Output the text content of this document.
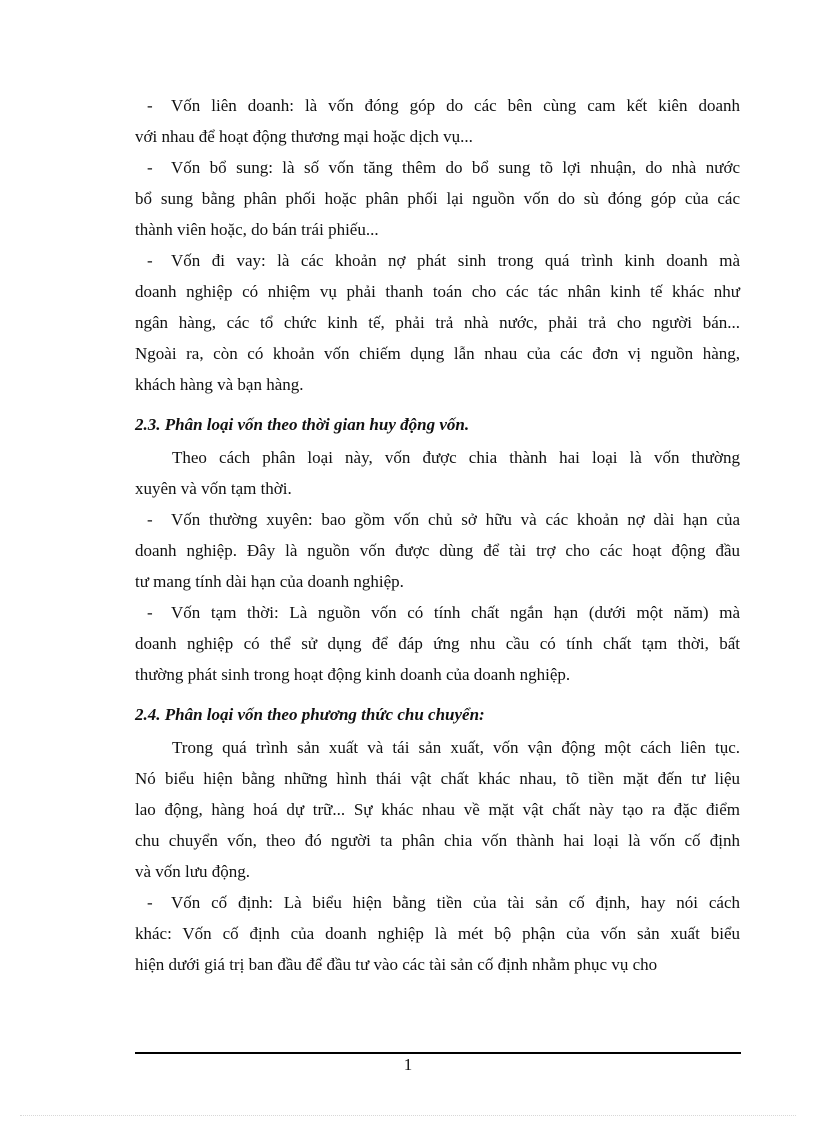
- Vốn liên doanh: là vốn đóng góp do các bên cùng cam kết kiên doanh
với nhau để hoạt động thương mại hoặc dịch vụ...
- Vốn bổ sung: là số vốn tăng thêm do bổ sung tõ lợi nhuận, do nhà nước
bổ sung bằng phân phối hoặc phân phối lại nguồn vốn do sù đóng góp của các
thành viên hoặc, do bán trái phiếu...
- Vốn đi vay: là các khoản nợ phát sinh trong quá trình kinh doanh mà
doanh nghiệp có nhiệm vụ phải thanh toán cho các tác nhân kinh tế khác như
ngân hàng, các tổ chức kinh tế, phải trả nhà nước, phải trả cho người bán...
Ngoài ra, còn có khoản vốn chiếm dụng lẫn nhau của các đơn vị nguồn hàng,
khách hàng và bạn hàng.
2.3. Phân loại vốn theo thời gian huy động vốn.
Theo cách phân loại này, vốn được chia thành hai loại là vốn thường
xuyên và vốn tạm thời.
- Vốn thường xuyên: bao gồm vốn chủ sở hữu và các khoản nợ dài hạn của
doanh nghiệp. Đây là nguồn vốn được dùng để tài trợ cho các hoạt động đầu
tư mang tính dài hạn của doanh nghiệp.
- Vốn tạm thời: Là nguồn vốn có tính chất ngắn hạn (dưới một năm) mà
doanh nghiệp có thể sử dụng để đáp ứng nhu cầu có tính chất tạm thời, bất
thường phát sinh trong hoạt động kinh doanh của doanh nghiệp.
2.4. Phân loại vốn theo phương thức chu chuyển:
Trong quá trình sản xuất và tái sản xuất, vốn vận động một cách liên tục.
Nó biểu hiện bằng những hình thái vật chất khác nhau, tõ tiền mặt đến tư liệu
lao động, hàng hoá dự trữ... Sự khác nhau về mặt vật chất này tạo ra đặc điểm
chu chuyển vốn, theo đó người ta phân chia vốn thành hai loại là vốn cố định
và vốn lưu động.
- Vốn cố định: Là biểu hiện bằng tiền của tài sản cố định, hay nói cách
khác: Vốn cố định của doanh nghiệp là mét bộ phận của vốn sản xuất biểu
hiện dưới giá trị ban đầu để đầu tư vào các tài sản cố định nhằm phục vụ cho
1
